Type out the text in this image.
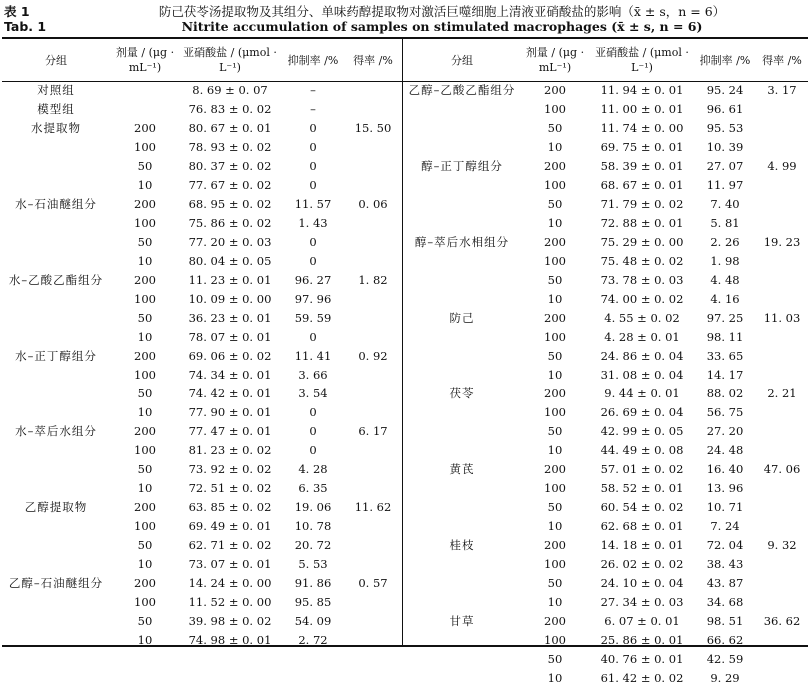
表 1	防己茯苓汤提取物及其组分、单味药醇提取物对激活巨噬细胞上清液亚硝酸盐的影响（x̄ ± s，n = 6）
Tab. 1	Nitrite accumulation of samples on stimulated macrophages (x̄ ± s, n = 6)
分组	剂量 / (μg · mL⁻¹)	亚硝酸盐 / (μmol · L⁻¹)	抑制率 /%	得率 /%
对照组		8. 69 ± 0. 07	–	
模型组		76. 83 ± 0. 02	–	
水提取物	200	80. 67 ± 0. 01	0	15. 50
	100	78. 93 ± 0. 02	0	
	50	80. 37 ± 0. 02	0	
	10	77. 67 ± 0. 02	0	
水–石油醚组分	200	68. 95 ± 0. 02	11. 57	0. 06
	100	75. 86 ± 0. 02	1. 43	
	50	77. 20 ± 0. 03	0	
	10	80. 04 ± 0. 05	0	
水–乙酸乙酯组分	200	11. 23 ± 0. 01	96. 27	1. 82
	100	10. 09 ± 0. 00	97. 96	
	50	36. 23 ± 0. 01	59. 59	
	10	78. 07 ± 0. 01	0	
水–正丁醇组分	200	69. 06 ± 0. 02	11. 41	0. 92
	100	74. 34 ± 0. 01	3. 66	
	50	74. 42 ± 0. 01	3. 54	
	10	77. 90 ± 0. 01	0	
水–萃后水组分	200	77. 47 ± 0. 01	0	6. 17
	100	81. 23 ± 0. 02	0	
	50	73. 92 ± 0. 02	4. 28	
	10	72. 51 ± 0. 02	6. 35	
乙醇提取物	200	63. 85 ± 0. 02	19. 06	11. 62
	100	69. 49 ± 0. 01	10. 78	
	50	62. 71 ± 0. 02	20. 72	
	10	73. 07 ± 0. 01	5. 53	
乙醇–石油醚组分	200	14. 24 ± 0. 00	91. 86	0. 57
	100	11. 52 ± 0. 00	95. 85	
	50	39. 98 ± 0. 02	54. 09	
	10	74. 98 ± 0. 01	2. 72	
分组	剂量 / (μg · mL⁻¹)	亚硝酸盐 / (μmol · L⁻¹)	抑制率 /%	得率 /%
乙醇–乙酸乙酯组分	200	11. 94 ± 0. 01	95. 24	3. 17
	100	11. 00 ± 0. 01	96. 61	
	50	11. 74 ± 0. 00	95. 53	
	10	69. 75 ± 0. 01	10. 39	
醇–正丁醇组分	200	58. 39 ± 0. 01	27. 07	4. 99
	100	68. 67 ± 0. 01	11. 97	
	50	71. 79 ± 0. 02	7. 40	
	10	72. 88 ± 0. 01	5. 81	
醇–萃后水相组分	200	75. 29 ± 0. 00	2. 26	19. 23
	100	75. 48 ± 0. 02	1. 98	
	50	73. 78 ± 0. 03	4. 48	
	10	74. 00 ± 0. 02	4. 16	
防己	200	4. 55 ± 0. 02	97. 25	11. 03
	100	4. 28 ± 0. 01	98. 11	
	50	24. 86 ± 0. 04	33. 65	
	10	31. 08 ± 0. 04	14. 17	
茯苓	200	9. 44 ± 0. 01	88. 02	2. 21
	100	26. 69 ± 0. 04	56. 75	
	50	42. 99 ± 0. 05	27. 20	
	10	44. 49 ± 0. 08	24. 48	
黄芪	200	57. 01 ± 0. 02	16. 40	47. 06
	100	58. 52 ± 0. 01	13. 96	
	50	60. 54 ± 0. 02	10. 71	
	10	62. 68 ± 0. 01	7. 24	
桂枝	200	14. 18 ± 0. 01	72. 04	9. 32
	100	26. 02 ± 0. 02	38. 43	
	50	24. 10 ± 0. 04	43. 87	
	10	27. 34 ± 0. 03	34. 68	
甘草	200	6. 07 ± 0. 01	98. 51	36. 62
	100	25. 86 ± 0. 01	66. 62	
	50	40. 76 ± 0. 01	42. 59	
	10	61. 42 ± 0. 02	9. 29	
